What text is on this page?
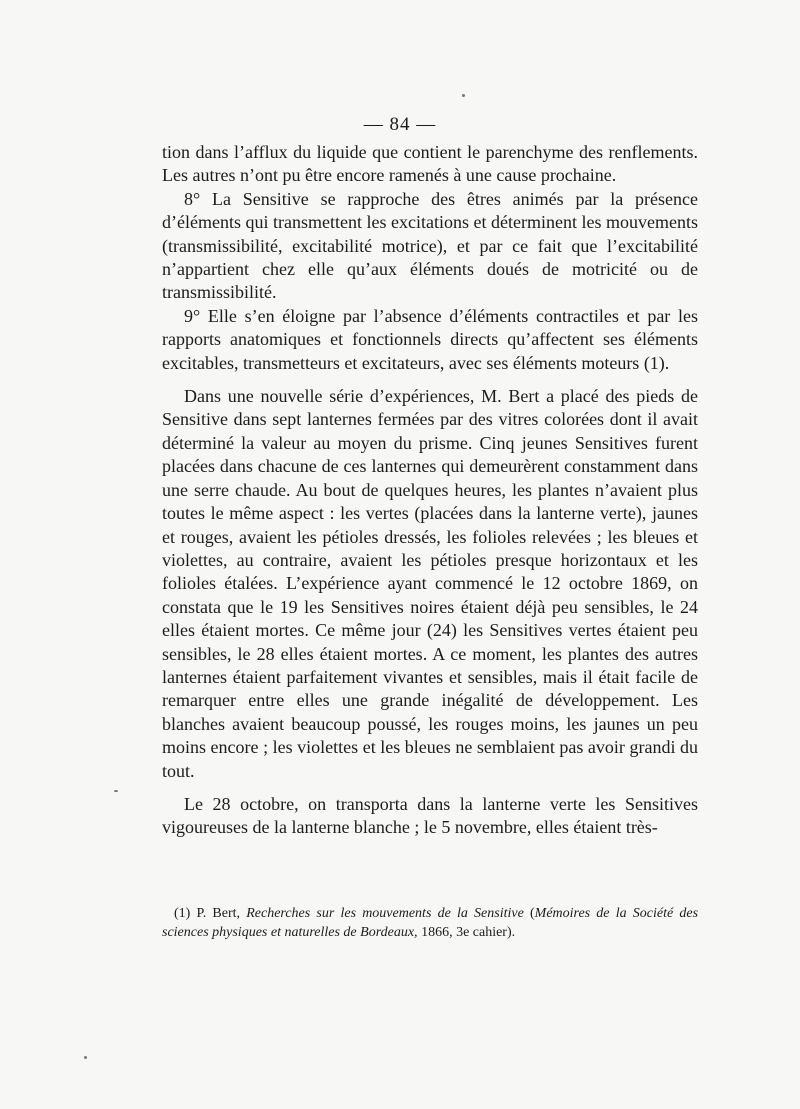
— 84 —

tion dans l’afflux du liquide que contient le parenchyme des renflements. Les autres n’ont pu être encore ramenés à une cause prochaine.

8° La Sensitive se rapproche des êtres animés par la présence d’éléments qui transmettent les excitations et déterminent les mouvements (transmissibilité, excitabilité motrice), et par ce fait que l’excitabilité n’appartient chez elle qu’aux éléments doués de motricité ou de transmissibilité.

9° Elle s’en éloigne par l’absence d’éléments contractiles et par les rapports anatomiques et fonctionnels directs qu’affectent ses éléments excitables, transmetteurs et excitateurs, avec ses éléments moteurs (1).

Dans une nouvelle série d’expériences, M. Bert a placé des pieds de Sensitive dans sept lanternes fermées par des vitres colorées dont il avait déterminé la valeur au moyen du prisme. Cinq jeunes Sensitives furent placées dans chacune de ces lanternes qui demeurèrent constamment dans une serre chaude. Au bout de quelques heures, les plantes n’avaient plus toutes le même aspect : les vertes (placées dans la lanterne verte), jaunes et rouges, avaient les pétioles dressés, les folioles relevées ; les bleues et violettes, au contraire, avaient les pétioles presque horizontaux et les folioles étalées. L’expérience ayant commencé le 12 octobre 1869, on constata que le 19 les Sensitives noires étaient déjà peu sensibles, le 24 elles étaient mortes. Ce même jour (24) les Sensitives vertes étaient peu sensibles, le 28 elles étaient mortes. A ce moment, les plantes des autres lanternes étaient parfaitement vivantes et sensibles, mais il était facile de remarquer entre elles une grande inégalité de développement. Les blanches avaient beaucoup poussé, les rouges moins, les jaunes un peu moins encore ; les violettes et les bleues ne semblaient pas avoir grandi du tout.

Le 28 octobre, on transporta dans la lanterne verte les Sensitives vigoureuses de la lanterne blanche ; le 5 novembre, elles étaient très-

(1) P. Bert, Recherches sur les mouvements de la Sensitive (Mémoires de la Société des sciences physiques et naturelles de Bordeaux, 1866, 3e cahier).
